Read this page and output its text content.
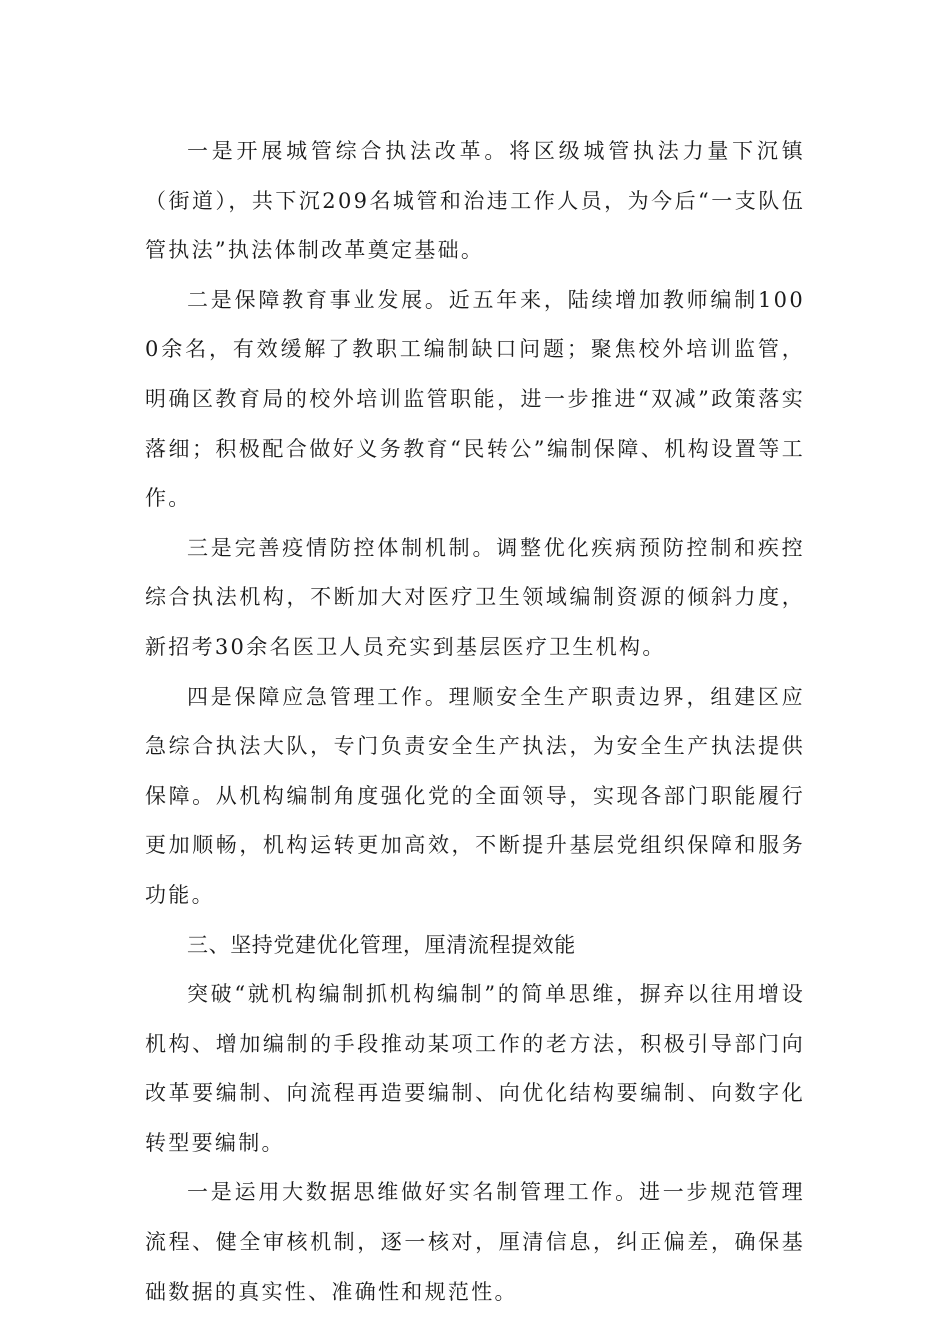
一是开展城管综合执法改革。将区级城管执法力量下沉镇（街道），共下沉209名城管和治违工作人员，为今后“一支队伍管执法”执法体制改革奠定基础。

二是保障教育事业发展。近五年来，陆续增加教师编制1000余名，有效缓解了教职工编制缺口问题；聚焦校外培训监管，明确区教育局的校外培训监管职能，进一步推进“双减”政策落实落细；积极配合做好义务教育“民转公”编制保障、机构设置等工作。

三是完善疫情防控体制机制。调整优化疾病预防控制和疾控综合执法机构，不断加大对医疗卫生领域编制资源的倾斜力度，新招考30余名医卫人员充实到基层医疗卫生机构。

四是保障应急管理工作。理顺安全生产职责边界，组建区应急综合执法大队，专门负责安全生产执法，为安全生产执法提供保障。从机构编制角度强化党的全面领导，实现各部门职能履行更加顺畅，机构运转更加高效，不断提升基层党组织保障和服务功能。

三、坚持党建优化管理，厘清流程提效能

突破“就机构编制抓机构编制”的简单思维，摒弃以往用增设机构、增加编制的手段推动某项工作的老方法，积极引导部门向改革要编制、向流程再造要编制、向优化结构要编制、向数字化转型要编制。

一是运用大数据思维做好实名制管理工作。进一步规范管理流程、健全审核机制，逐一核对，厘清信息，纠正偏差，确保基础数据的真实性、准确性和规范性。
